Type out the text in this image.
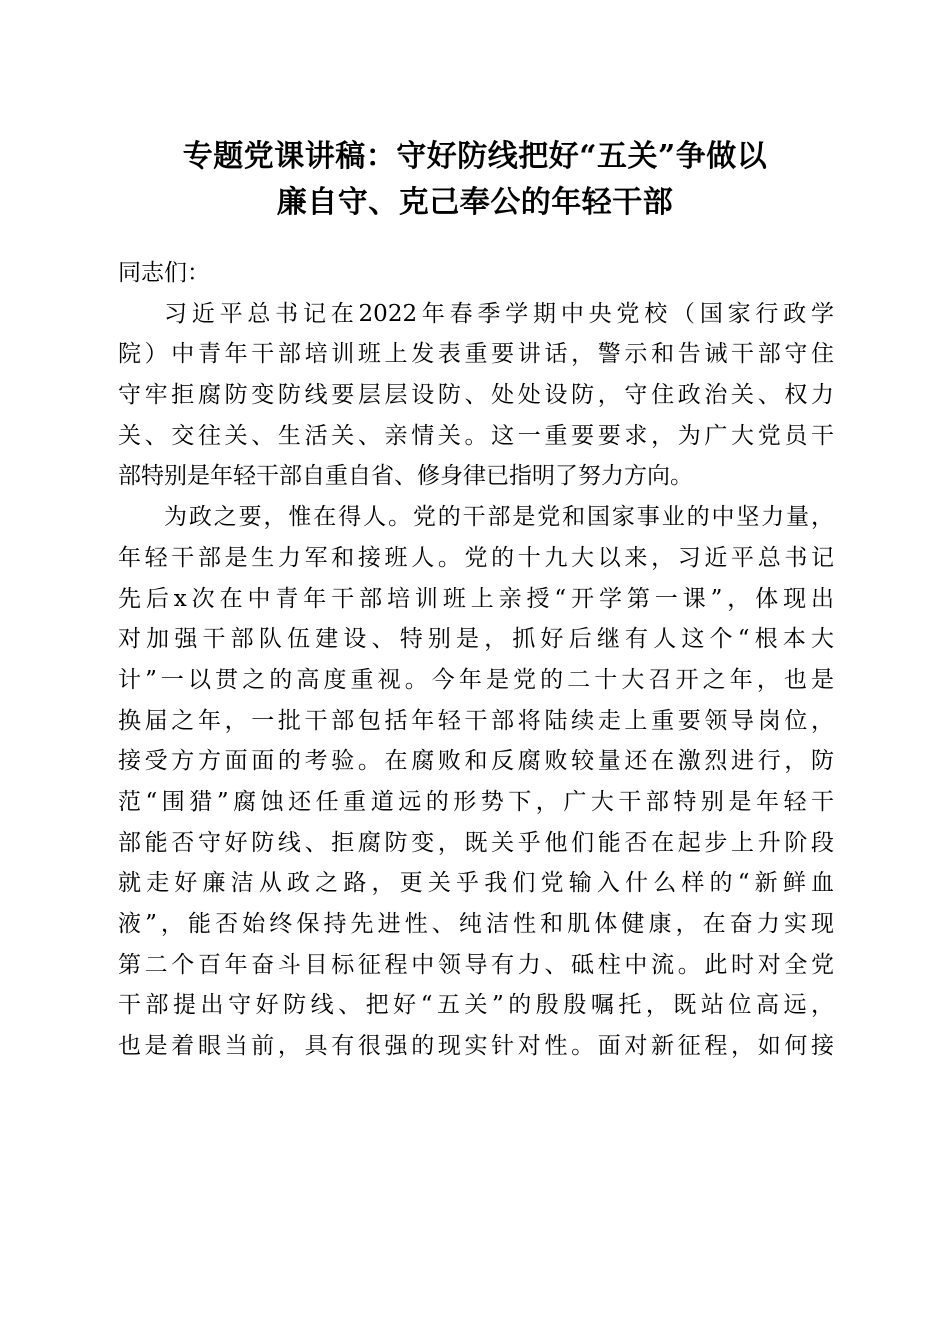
专题党课讲稿：守好防线把好“五关”争做以
廉自守、克己奉公的年轻干部
同志们：
习近平总书记在2022年春季学期中央党校（国家行政学
院）中青年干部培训班上发表重要讲话，警示和告诫干部守住
守牢拒腐防变防线要层层设防、处处设防，守住政治关、权力
关、交往关、生活关、亲情关。这一重要要求，为广大党员干
部特别是年轻干部自重自省、修身律已指明了努力方向。
为政之要，惟在得人。党的干部是党和国家事业的中坚力量，
年轻干部是生力军和接班人。党的十九大以来，习近平总书记
先后x次在中青年干部培训班上亲授“开学第一课”，体现出
对加强干部队伍建设、特别是，抓好后继有人这个“根本大
计”一以贯之的高度重视。今年是党的二十大召开之年，也是
换届之年，一批干部包括年轻干部将陆续走上重要领导岗位，
接受方方面面的考验。在腐败和反腐败较量还在激烈进行，防
范“围猎”腐蚀还任重道远的形势下，广大干部特别是年轻干
部能否守好防线、拒腐防变，既关乎他们能否在起步上升阶段
就走好廉洁从政之路，更关乎我们党输入什么样的“新鲜血
液”，能否始终保持先进性、纯洁性和肌体健康，在奋力实现
第二个百年奋斗目标征程中领导有力、砥柱中流。此时对全党
干部提出守好防线、把好“五关”的殷殷嘱托，既站位高远，
也是着眼当前，具有很强的现实针对性。面对新征程，如何接
